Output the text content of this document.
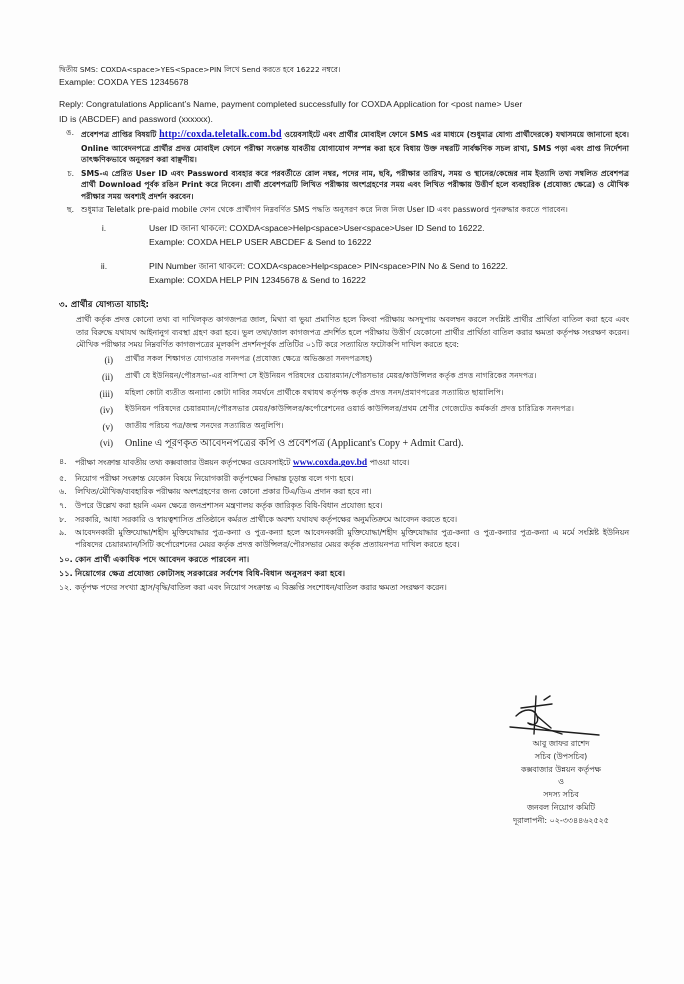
দ্বিতীয় SMS: COXDA<space>YES<Space>PIN লিখে Send করতে হবে 16222 নম্বরে।
Example: COXDA YES 12345678
Reply: Congratulations Applicant’s Name, payment completed successfully for COXDA Application for <post name> User
ID is (ABCDEF) and password (xxxxxx).
ঙ. প্রবেশপত্র প্রাপ্তির বিষয়টি http://coxda.teletalk.com.bd ওয়েবসাইটে এবং প্রার্থীর মোবাইল ফোনে SMS এর মাধ্যমে (শুধুমাত্র যোগ্য প্রার্থীদেরকে) যথাসময়ে জানানো হবে। Online আবেদনপত্রে প্রার্থীর প্রদত্ত মোবাইল ফোনে পরীক্ষা সংক্রান্ত যাবতীয় যোগাযোগ সম্পন্ন করা হবে বিধায় উক্ত নম্বরটি সার্বক্ষণিক সচল রাখা, SMS পড়া এবং প্রাপ্ত নির্দেশনা তাৎক্ষণিকভাবে অনুসরণ করা বাঞ্ছনীয়।
চ. SMS-এ প্রেরিত User ID এবং Password ব্যবহার করে পরবর্তীতে রোল নম্বর, পদের নাম, ছবি, পরীক্ষার তারিখ, সময় ও স্থানের/কেন্দ্রের নাম ইত্যাদি তথ্য সম্বলিত প্রবেশপত্র প্রার্থী Download পূর্বক রঙিন Print করে নিবেন। প্রার্থী প্রবেশপত্রটি লিখিত পরীক্ষায় অংশগ্রহণের সময় এবং লিখিত পরীক্ষায় উত্তীর্ণ হলে ব্যবহারিক (প্রযোজ্য ক্ষেত্রে) ও মৌখিক পরীক্ষার সময় অবশ্যই প্রদর্শন করবেন।
ছ. শুধুমাত্র Teletalk pre-paid mobile ফোন থেকে প্রার্থীগণ নিম্নবর্ণিত SMS পদ্ধতি অনুসরণ করে নিজ নিজ User ID এবং password পুনরুদ্ধার করতে পারবেন।
i.	User ID জানা থাকলে: COXDA<space>Help<space>User<space>User ID Send to 16222.
Example: COXDA HELP USER ABCDEF & Send to 16222
ii.	PIN Number জানা থাকলে: COXDA<space>Help<space> PIN<space>PIN No & Send to 16222.
Example: COXDA HELP PIN 12345678 & Send to 16222
৩. প্রার্থীর যোগ্যতা যাচাই:
প্রার্থী কর্তৃক প্রদত্ত কোনো তথ্য বা দাখিলকৃত কাগজপত্র জাল, মিথ্যা বা ভুয়া প্রমাণিত হলে কিংবা পরীক্ষায় অসদুপায় অবলম্বন করলে সংশ্লিষ্ট প্রার্থীর প্রার্থিতা বাতিল করা হবে এবং তার বিরুদ্ধে যথাযথ আইনানুগ ব্যবস্থা গ্রহণ করা হবে। ভুল তথ্য/জাল কাগজপত্র প্রদর্শিত হলে পরীক্ষায় উত্তীর্ণ যেকোনো প্রার্থীর প্রার্থিতা বাতিল করার ক্ষমতা কর্তৃপক্ষ সংরক্ষণ করেন। মৌখিক পরীক্ষার সময় নিম্নবর্ণিত কাগজপত্রের মূলকপি প্রদর্শনপূর্বক প্রতিটির ০১টি করে সত্যায়িত ফটোকপি দাখিল করতে হবে:
(i)	প্রার্থীর সকল শিক্ষাগত যোগ্যতার সনদপত্র (প্রযোজ্য ক্ষেত্রে অভিজ্ঞতা সনদপত্রসহ)
(ii)	প্রার্থী যে ইউনিয়ন/পৌরসভা-এর বাসিন্দা সে ইউনিয়ন পরিষদের চেয়ারম্যান/পৌরসভার মেয়র/কাউন্সিলর কর্তৃক প্রদত্ত নাগরিকের সনদপত্র।
(iii)	মহিলা কোটা ব্যতীত অন্যান্য কোটা দাবির সমর্থনে প্রার্থীকে যথাযথ কর্তৃপক্ষ কর্তৃক প্রদত্ত সনদ/প্রমাণপত্রের সত্যায়িত ছায়ালিপি।
(iv)	ইউনিয়ন পরিষদের চেয়ারম্যান/পৌরসভার মেয়র/কাউন্সিলর/কর্পোরেশনের ওয়ার্ড কাউন্সিলর/প্রথম শ্রেণীর গেজেটেড কর্মকর্তা প্রদত্ত চারিত্রিক সনদপত্র।
(v)	জাতীয় পরিচয় পত্র/জন্ম সনদের সত্যায়িত অনুলিপি।
(vi)	Online এ পূরণকৃত আবেদনপত্রের কপি ও প্রবেশপত্র (Applicant's Copy + Admit Card).
৪.	পরীক্ষা সংক্রান্ত যাবতীয় তথ্য কক্সবাজার উন্নয়ন কর্তৃপক্ষের ওয়েবসাইটে www.coxda.gov.bd পাওয়া যাবে।
৫.	নিয়োগ পরীক্ষা সংক্রান্ত যেকোন বিষয়ে নিয়োগকারী কর্তৃপক্ষের সিদ্ধান্ত চূড়ান্ত বলে গণ্য হবে।
৬.	লিখিত/মৌখিক/ব্যবহারিক পরীক্ষায় অংশগ্রহণের জন্য কোনো প্রকার টিএ/ডিএ প্রদান করা হবে না।
৭.	উপরে উল্লেখ করা হয়নি এমন ক্ষেত্রে জনপ্রশাসন মন্ত্রণালয় কর্তৃক জারিকৃত বিধি-বিধান প্রযোজ্য হবে।
৮.	সরকারি, আধা সরকারি ও স্বায়ত্বশাসিত প্রতিষ্ঠানে কর্মরত প্রার্থীকে অবশ্য যথাযথ কর্তৃপক্ষের অনুমতিক্রমে আবেদন করতে হবে।
৯.	আবেদনকারী মুক্তিযোদ্ধা/শহীদ মুক্তিযোদ্ধার পুত্র-কন্যা ও পুত্র-কন্যা হলে আবেদনকারী মুক্তিযোদ্ধা/শহীদ মুক্তিযোদ্ধার পুত্র-কন্যা ও পুত্র-কন্যার পুত্র-কন্যা এ মর্মে সংশ্লিষ্ট ইউনিয়ন পরিষদের চেয়ারম্যান/সিটি কর্পোরেশনের মেয়র কর্তৃক প্রদত্ত কাউন্সিলর/পৌরসভার মেয়র কর্তৃক প্রত্যায়নপত্র দাখিল করতে হবে।
১০. কোন প্রার্থী একাধিক পদে আবেদন করতে পারবেন না।
১১. নিয়োগের ক্ষেত্র প্রযোজ্য কোটাসহ সরকারের সর্বশেষ বিধি-বিধান অনুসরণ করা হবে।
১২. কর্তৃপক্ষ পদের সংখ্যা হ্রাস/বৃদ্ধি/বাতিল করা এবং নিয়োগ সংক্রান্ত এ বিজ্ঞপ্তি সংশোধন/বাতিল করার ক্ষমতা সংরক্ষণ করেন।
আবু জাফর রাশেদ
সচিব (উপসচিব)
কক্সবাজার উন্নয়ন কর্তৃপক্ষ
ও
সদস্য সচিব
জনবল নিয়োগ কমিটি
দূরালাপনী: ০২-৩৩৪৪৬২৫২৫
